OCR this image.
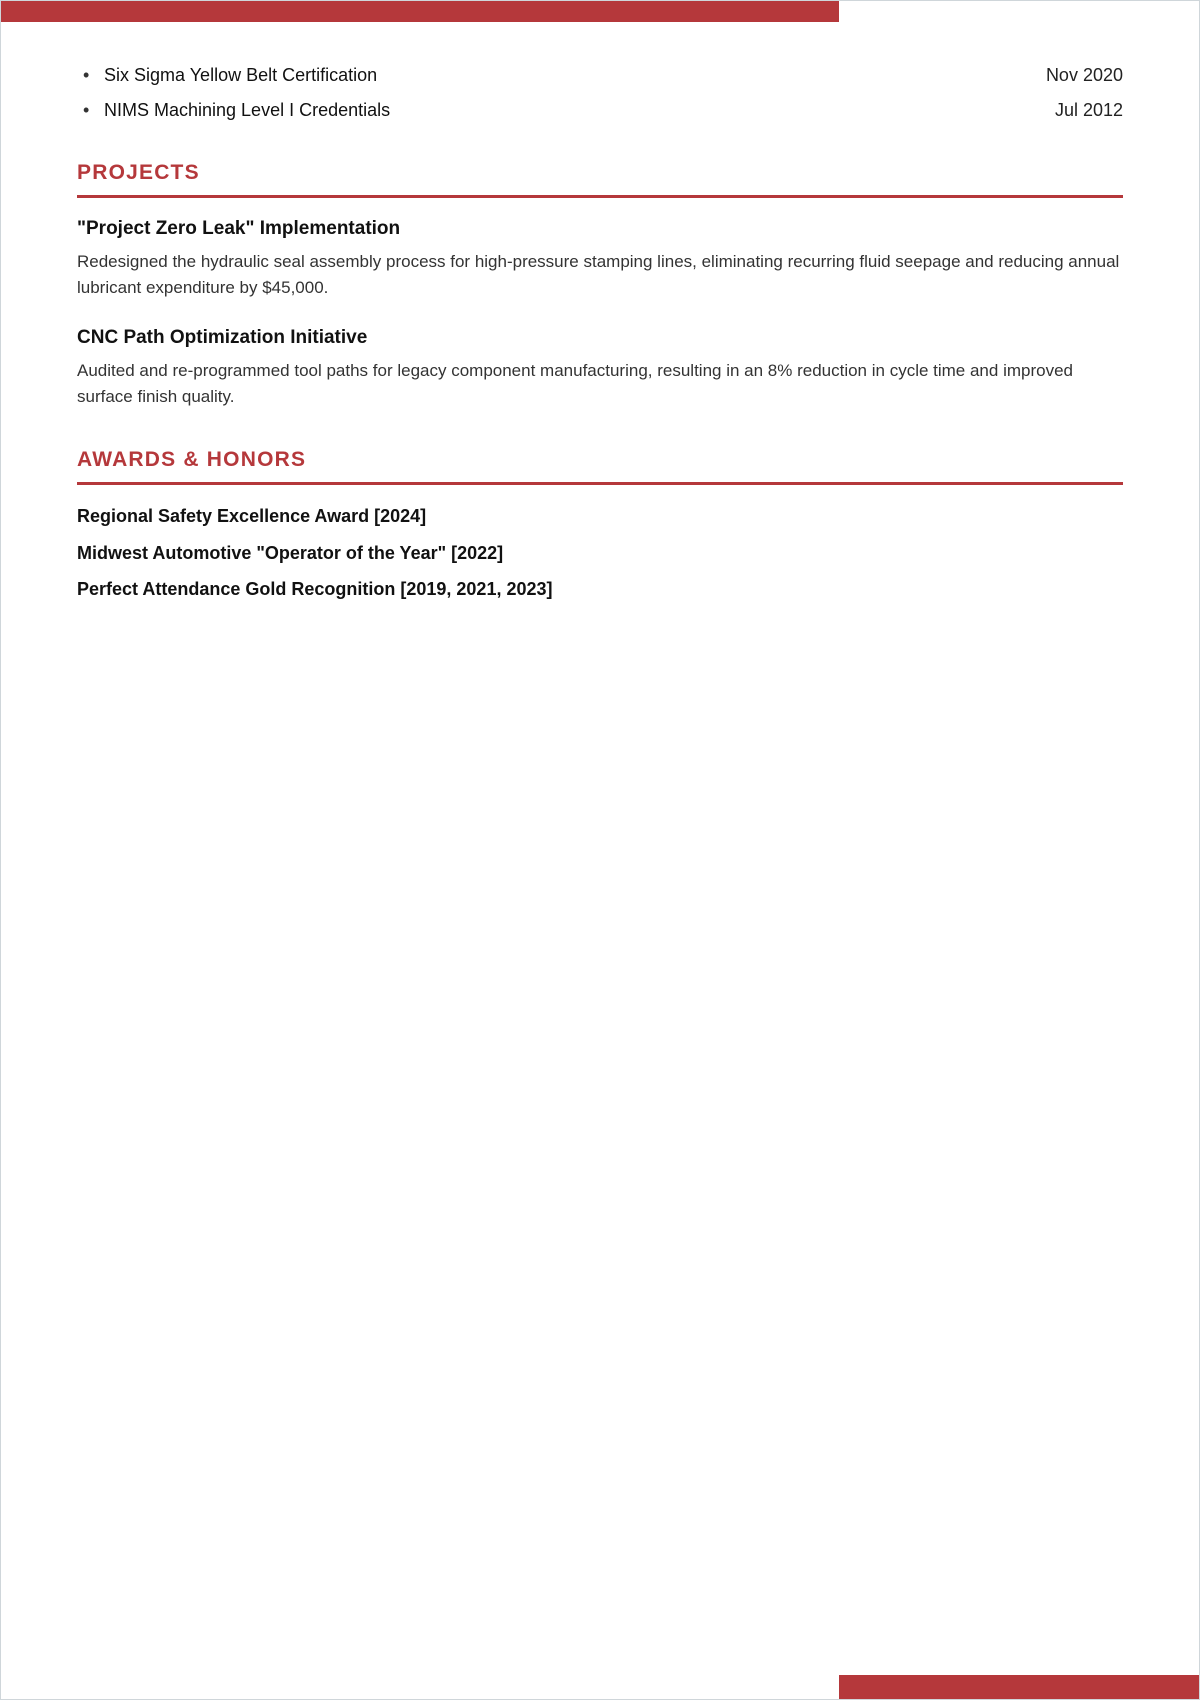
• Six Sigma Yellow Belt Certification	Nov 2020
• NIMS Machining Level I Credentials	Jul 2012
PROJECTS
"Project Zero Leak" Implementation

Redesigned the hydraulic seal assembly process for high-pressure stamping lines, eliminating recurring fluid seepage and reducing annual lubricant expenditure by $45,000.

CNC Path Optimization Initiative

Audited and re-programmed tool paths for legacy component manufacturing, resulting in an 8% reduction in cycle time and improved surface finish quality.

AWARDS & HONORS

Regional Safety Excellence Award [2024]

Midwest Automotive "Operator of the Year" [2022]

Perfect Attendance Gold Recognition [2019, 2021, 2023]
